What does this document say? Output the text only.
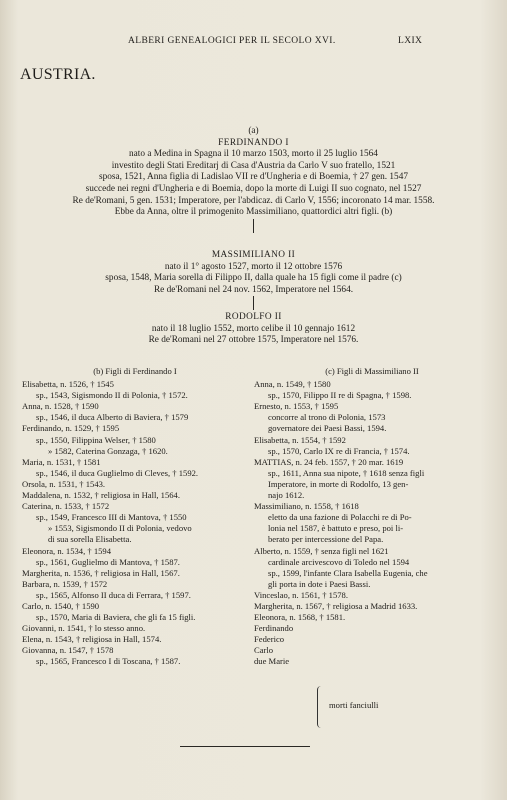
ALBERI GENEALOGICI PER IL SECOLO XVI.	LXIX
AUSTRIA.
(a)
FERDINANDO I
nato a Medina in Spagna il 10 marzo 1503, morto il 25 luglio 1564
investito degli Stati Ereditarj di Casa d'Austria da Carlo V suo fratello, 1521
sposa, 1521, Anna figlia di Ladislao VII re d'Ungheria e di Boemia, † 27 gen. 1547
succede nei regni d'Ungheria e di Boemia, dopo la morte di Luigi II suo cognato, nel 1527
Re de'Romani, 5 gen. 1531; Imperatore, per l'abdicaz. di Carlo V, 1556; incoronato 14 mar. 1558.
Ebbe da Anna, oltre il primogenito Massimiliano, quattordici altri figli. (b)
MASSIMILIANO II
nato il 1° agosto 1527, morto il 12 ottobre 1576
sposa, 1548, Maria sorella di Filippo II, dalla quale ha 15 figli come il padre (c)
Re de'Romani nel 24 nov. 1562, Imperatore nel 1564.
RODOLFO II
nato il 18 luglio 1552, morto celibe il 10 gennajo 1612
Re de'Romani nel 27 ottobre 1575, Imperatore nel 1576.
(b) Figli di Ferdinando I
Elisabetta, n. 1526, † 1545
sp., 1543, Sigismondo II di Polonia, † 1572.
Anna, n. 1528, † 1590
sp., 1546, il duca Alberto di Baviera, † 1579
Ferdinando, n. 1529, † 1595
sp., 1550, Filippina Welser, † 1580
» 1582, Caterina Gonzaga, † 1620.
Maria, n. 1531, † 1581
sp., 1546, il duca Guglielmo di Cleves, † 1592.
Orsola, n. 1531, † 1543.
Maddalena, n. 1532, † religiosa in Hall, 1564.
Caterina, n. 1533, † 1572
sp., 1549, Francesco III di Mantova, † 1550
» 1553, Sigismondo II di Polonia, vedovo
di sua sorella Elisabetta.
Eleonora, n. 1534, † 1594
sp., 1561, Guglielmo di Mantova, † 1587.
Margherita, n. 1536, † religiosa in Hall, 1567.
Barbara, n. 1539, † 1572
sp., 1565, Alfonso II duca di Ferrara, † 1597.
Carlo, n. 1540, † 1590
sp., 1570, Maria di Baviera, che gli fa 15 figli.
Giovanni, n. 1541, † lo stesso anno.
Elena, n. 1543, † religiosa in Hall, 1574.
Giovanna, n. 1547, † 1578
sp., 1565, Francesco I di Toscana, † 1587.
(c) Figli di Massimiliano II
Anna, n. 1549, † 1580
sp., 1570, Filippo II re di Spagna, † 1598.
Ernesto, n. 1553, † 1595
concorre al trono di Polonia, 1573
governatore dei Paesi Bassi, 1594.
Elisabetta, n. 1554, † 1592
sp., 1570, Carlo IX re di Francia, † 1574.
MATTIAS, n. 24 feb. 1557, † 20 mar. 1619
sp., 1611, Anna sua nipote, † 1618 senza figli
Imperatore, in morte di Rodolfo, 13 gen-
najo 1612.
Massimiliano, n. 1558, † 1618
eletto da una fazione di Polacchi re di Po-
lonia nel 1587, è battuto e preso, poi li-
berato per intercessione del Papa.
Alberto, n. 1559, † senza figli nel 1621
cardinale arcivescovo di Toledo nel 1594
sp., 1599, l'infante Clara Isabella Eugenia, che
gli porta in dote i Paesi Bassi.
Vinceslao, n. 1561, † 1578.
Margherita, n. 1567, † religiosa a Madrid 1633.
Eleonora, n. 1568, † 1581.
Ferdinando
Federico
Carlo
due Marie
morti fanciulli
